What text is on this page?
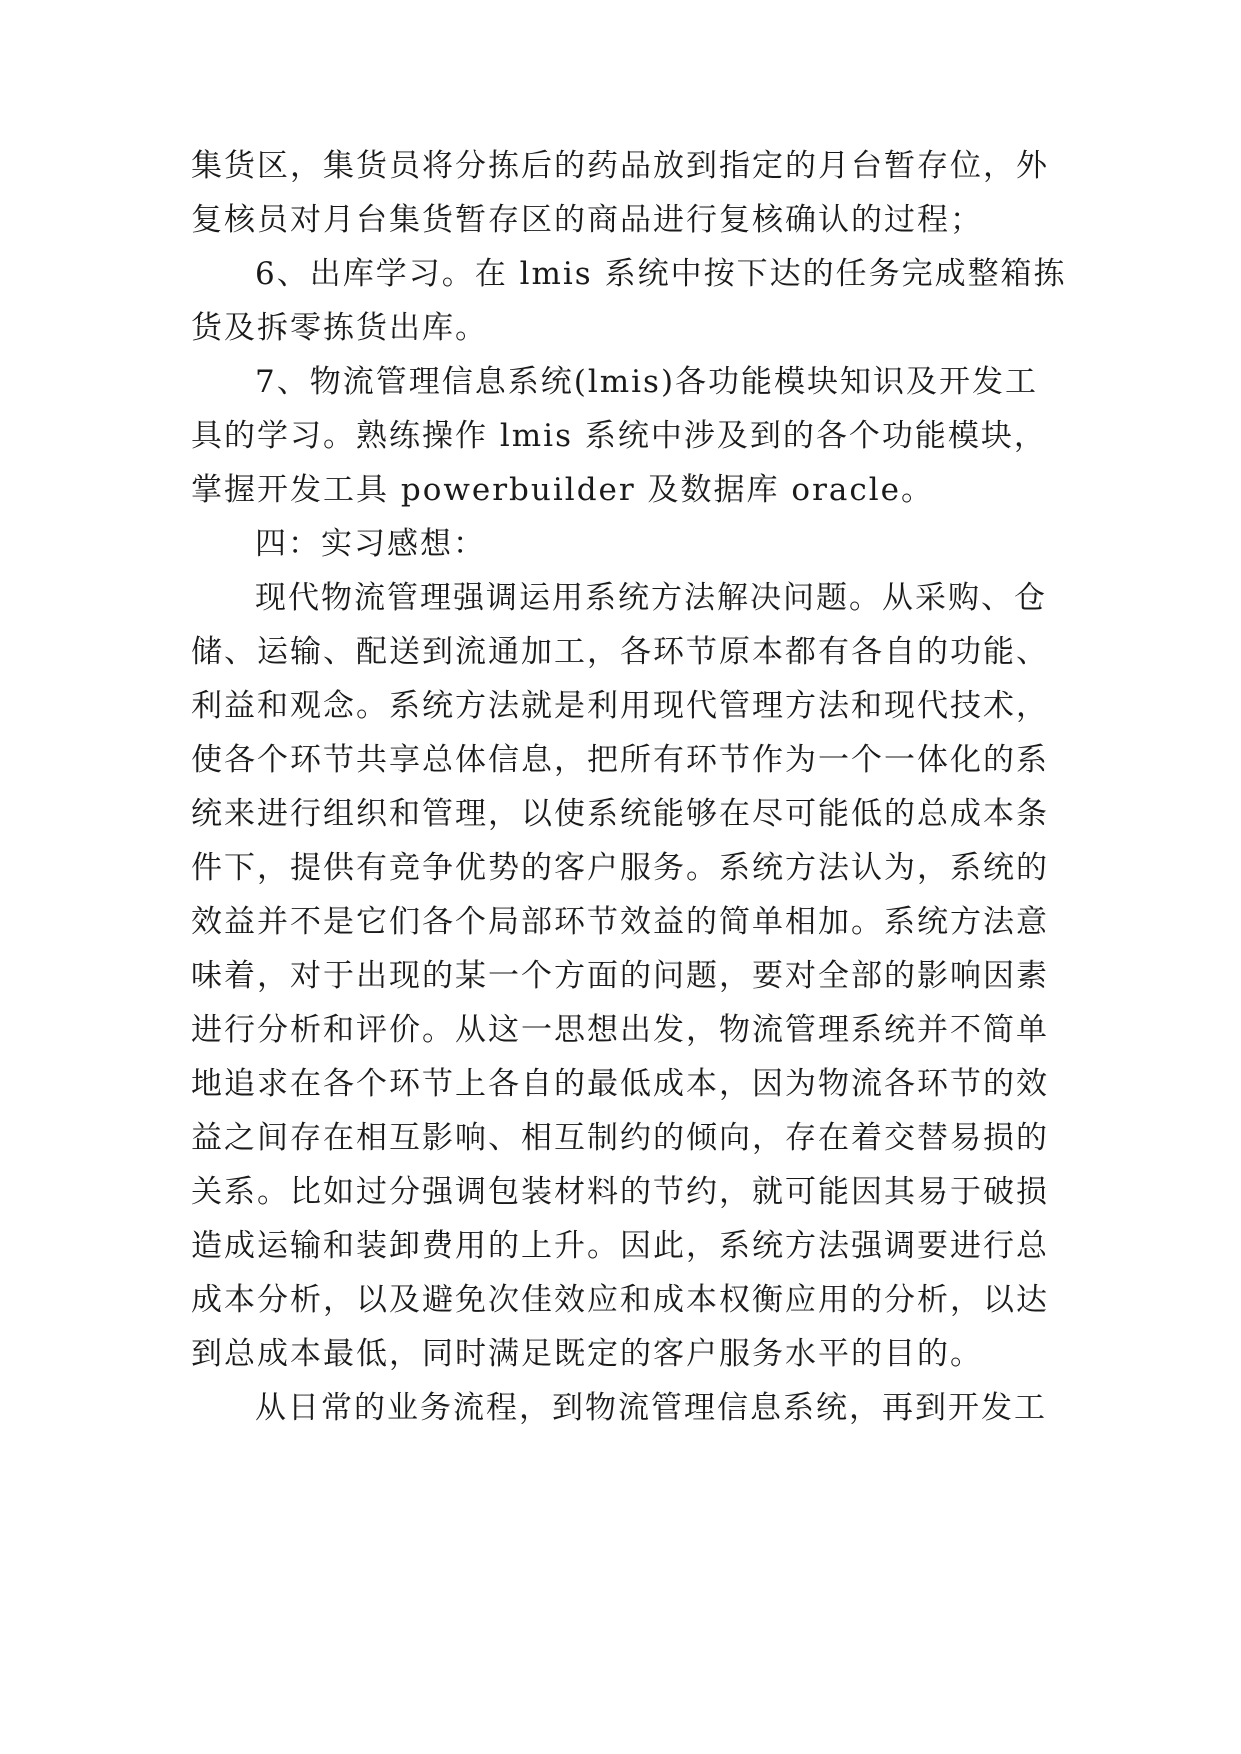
集货区，集货员将分拣后的药品放到指定的月台暂存位，外
复核员对月台集货暂存区的商品进行复核确认的过程；
6、出库学习。在 lmis 系统中按下达的任务完成整箱拣
货及拆零拣货出库。
7、物流管理信息系统(lmis)各功能模块知识及开发工
具的学习。熟练操作 lmis 系统中涉及到的各个功能模块，
掌握开发工具 powerbuilder 及数据库 oracle。
四：实习感想：
现代物流管理强调运用系统方法解决问题。从采购、仓
储、运输、配送到流通加工，各环节原本都有各自的功能、
利益和观念。系统方法就是利用现代管理方法和现代技术，
使各个环节共享总体信息，把所有环节作为一个一体化的系
统来进行组织和管理，以使系统能够在尽可能低的总成本条
件下，提供有竞争优势的客户服务。系统方法认为，系统的
效益并不是它们各个局部环节效益的简单相加。系统方法意
味着，对于出现的某一个方面的问题，要对全部的影响因素
进行分析和评价。从这一思想出发，物流管理系统并不简单
地追求在各个环节上各自的最低成本，因为物流各环节的效
益之间存在相互影响、相互制约的倾向，存在着交替易损的
关系。比如过分强调包装材料的节约，就可能因其易于破损
造成运输和装卸费用的上升。因此，系统方法强调要进行总
成本分析，以及避免次佳效应和成本权衡应用的分析，以达
到总成本最低，同时满足既定的客户服务水平的目的。
从日常的业务流程，到物流管理信息系统，再到开发工
